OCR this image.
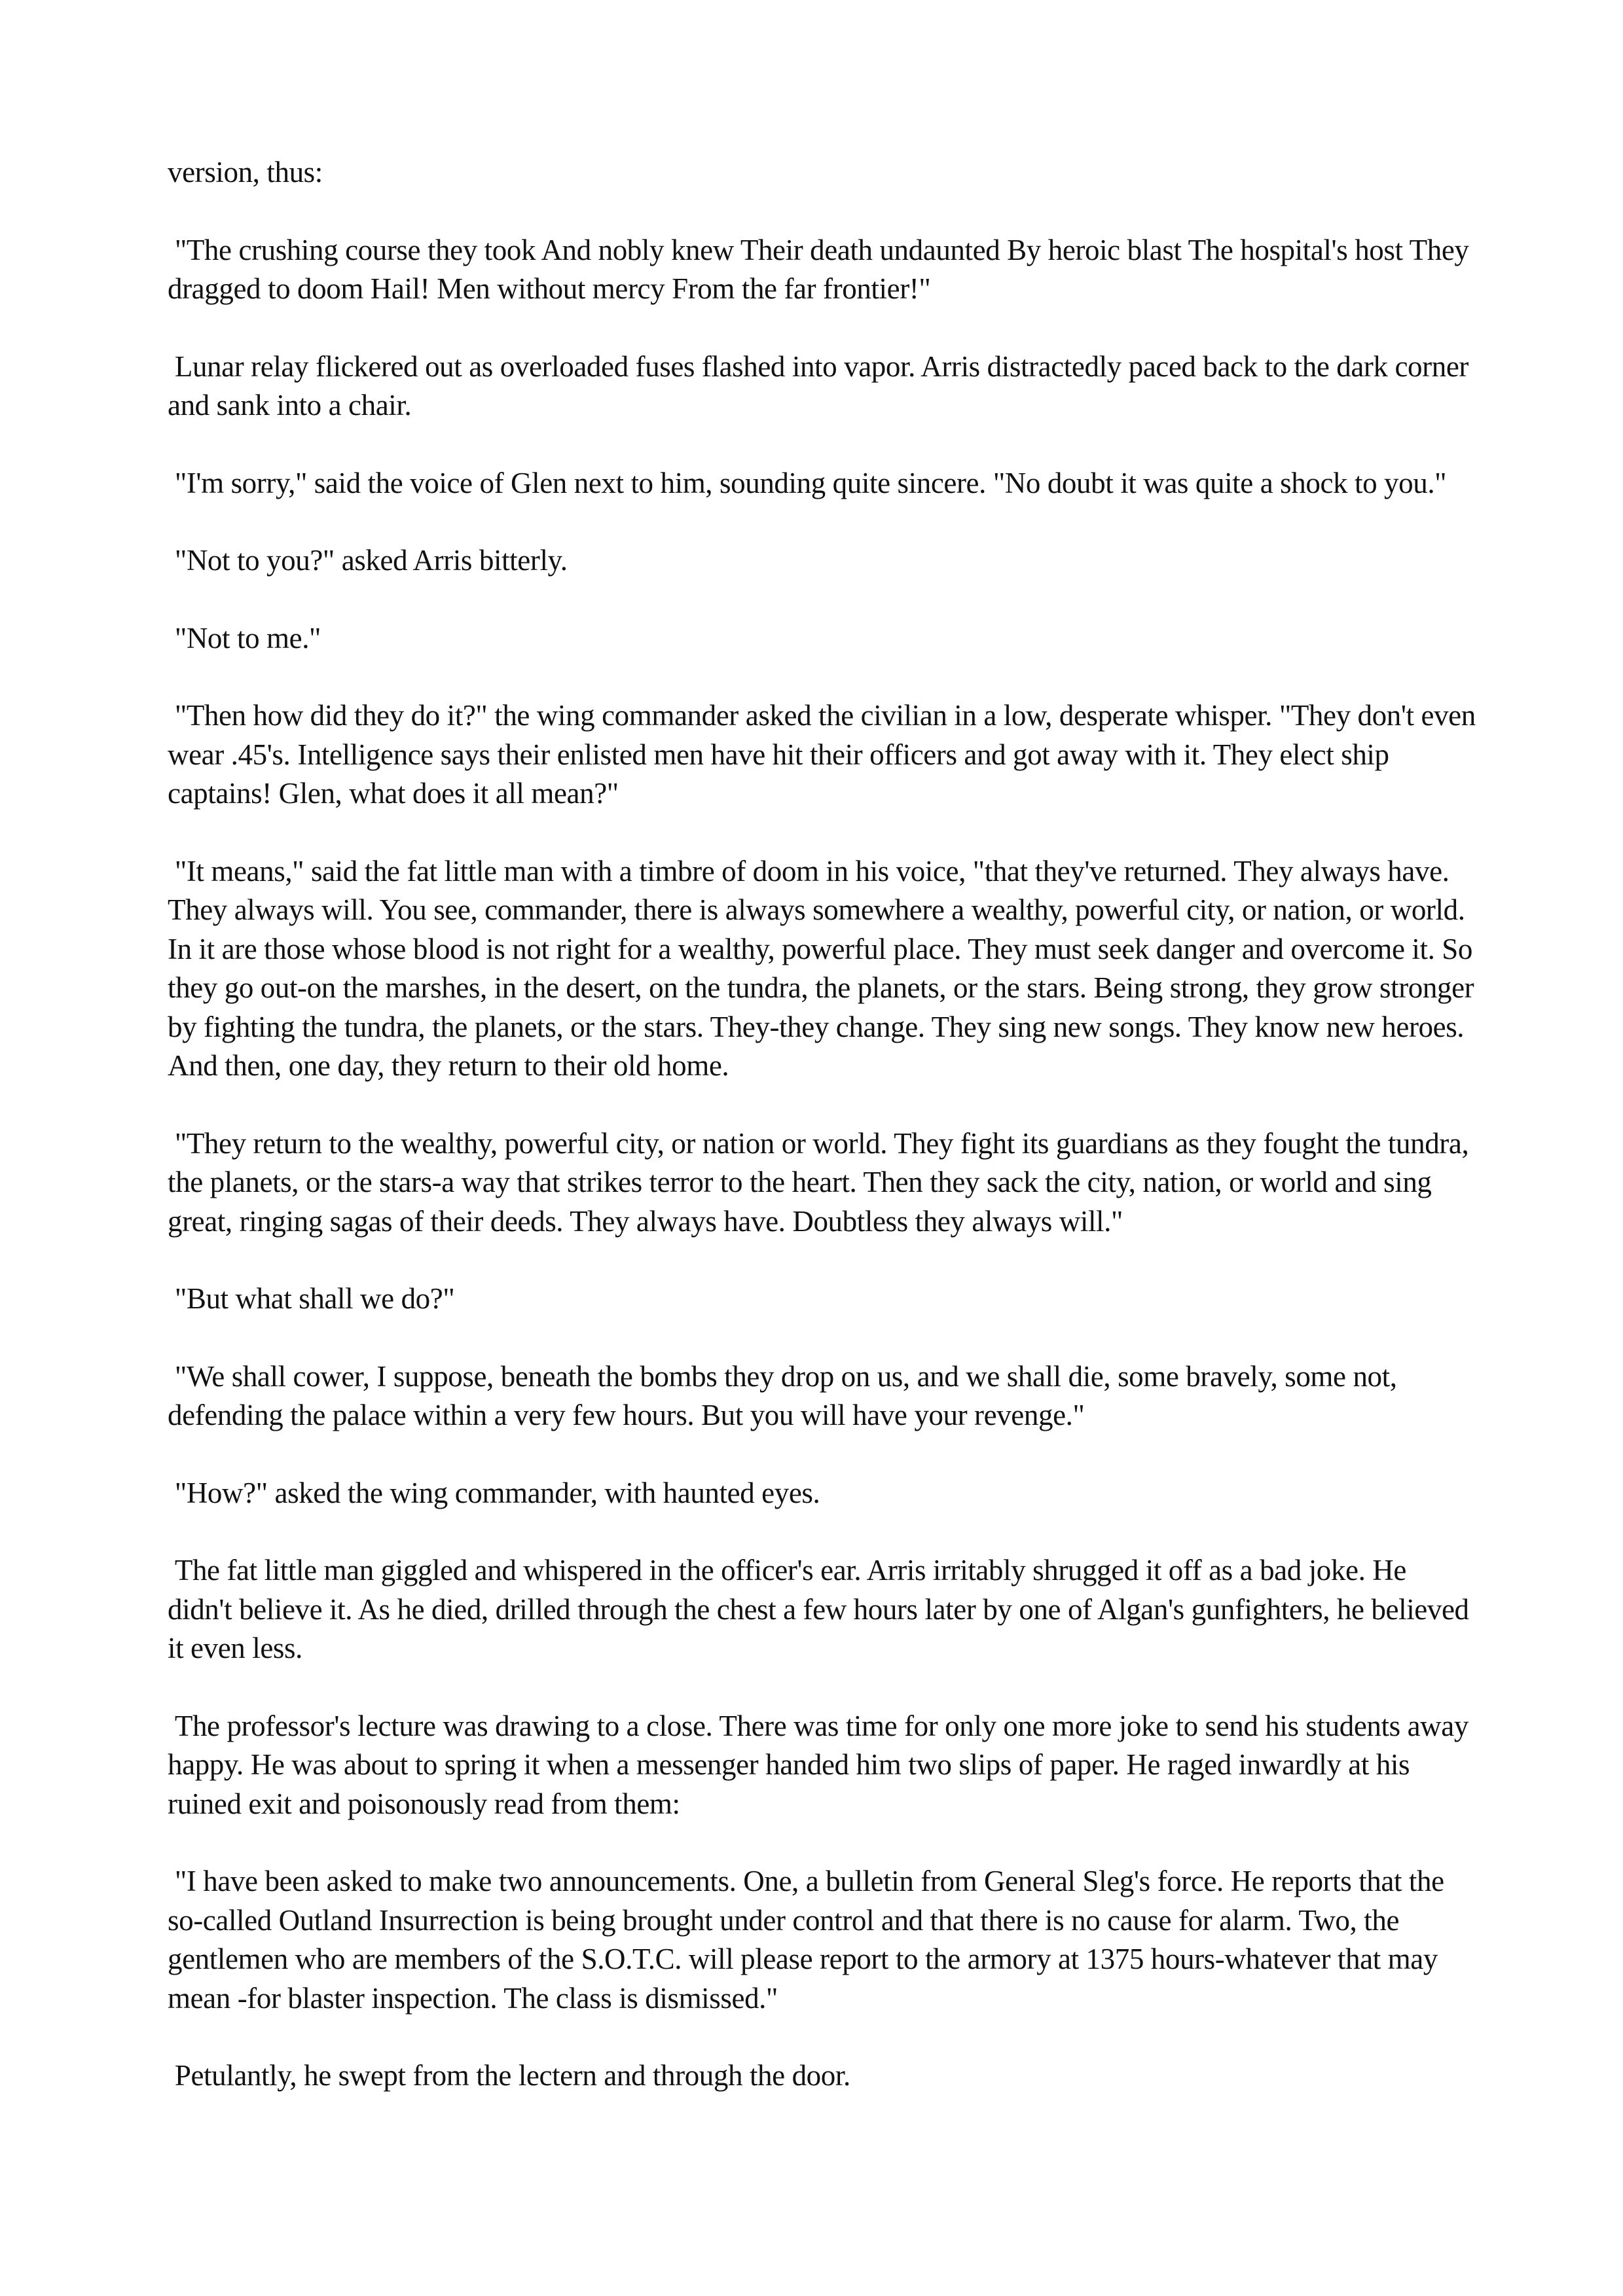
version, thus:

"The crushing course they took And nobly knew Their death undaunted By heroic blast The hospital's host They dragged to doom Hail! Men without mercy From the far frontier!"

Lunar relay flickered out as overloaded fuses flashed into vapor. Arris distractedly paced back to the dark corner and sank into a chair.

"I'm sorry," said the voice of Glen next to him, sounding quite sincere. "No doubt it was quite a shock to you."

"Not to you?" asked Arris bitterly.

"Not to me."

"Then how did they do it?" the wing commander asked the civilian in a low, desperate whisper. "They don't even wear .45's. Intelligence says their enlisted men have hit their officers and got away with it. They elect ship captains! Glen, what does it all mean?"

"It means," said the fat little man with a timbre of doom in his voice, "that they've returned. They always have. They always will. You see, commander, there is always somewhere a wealthy, powerful city, or nation, or world. In it are those whose blood is not right for a wealthy, powerful place. They must seek danger and overcome it. So they go out-on the marshes, in the desert, on the tundra, the planets, or the stars. Being strong, they grow stronger by fighting the tundra, the planets, or the stars. They-they change. They sing new songs. They know new heroes. And then, one day, they return to their old home.

"They return to the wealthy, powerful city, or nation or world. They fight its guardians as they fought the tundra, the planets, or the stars-a way that strikes terror to the heart. Then they sack the city, nation, or world and sing great, ringing sagas of their deeds. They always have. Doubtless they always will."

"But what shall we do?"

"We shall cower, I suppose, beneath the bombs they drop on us, and we shall die, some bravely, some not, defending the palace within a very few hours. But you will have your revenge."

"How?" asked the wing commander, with haunted eyes.

The fat little man giggled and whispered in the officer's ear. Arris irritably shrugged it off as a bad joke. He didn't believe it. As he died, drilled through the chest a few hours later by one of Algan's gunfighters, he believed it even less.

The professor's lecture was drawing to a close. There was time for only one more joke to send his students away happy. He was about to spring it when a messenger handed him two slips of paper. He raged inwardly at his ruined exit and poisonously read from them:

"I have been asked to make two announcements. One, a bulletin from General Sleg's force. He reports that the so-called Outland Insurrection is being brought under control and that there is no cause for alarm. Two, the gentlemen who are members of the S.O.T.C. will please report to the armory at 1375 hours-whatever that may mean -for blaster inspection. The class is dismissed."

Petulantly, he swept from the lectern and through the door.
